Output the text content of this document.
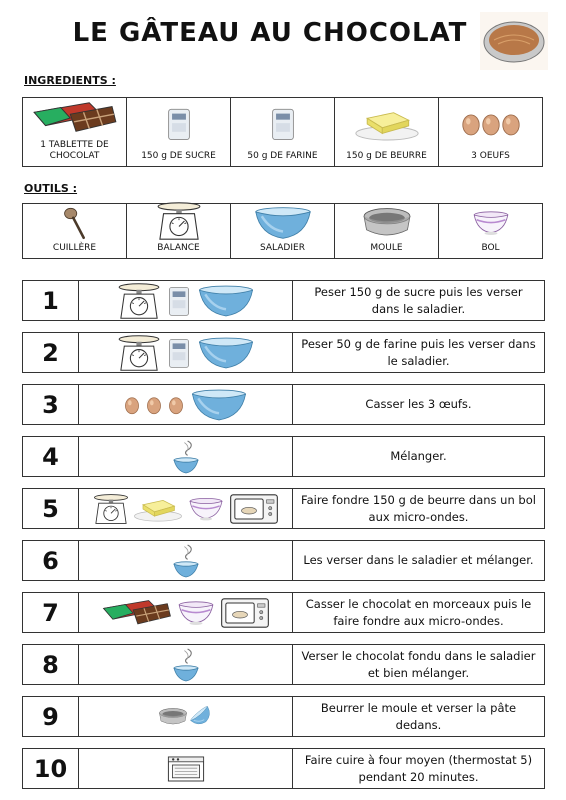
LE GÂTEAU AU CHOCOLAT
INGREDIENTS :
1 TABLETTE DE CHOCOLAT	150 g DE SUCRE	50 g DE FARINE	150 g DE BEURRE	3 OEUFS
OUTILS :
CUILLÈRE	BALANCE	SALADIER	MOULE	BOL
1	Peser 150 g de sucre puis les verser dans le saladier.
2	Peser 50 g de farine puis les verser dans le saladier.
3	Casser les 3 œufs.
4	Mélanger.
5	Faire fondre 150 g de beurre dans un bol aux micro-ondes.
6	Les verser dans le saladier et mélanger.
7	Casser le chocolat en morceaux puis le faire fondre aux micro-ondes.
8	Verser le chocolat fondu dans le saladier et bien mélanger.
9	Beurrer le moule et verser la pâte dedans.
10	Faire cuire à four moyen (thermostat 5) pendant 20 minutes.
